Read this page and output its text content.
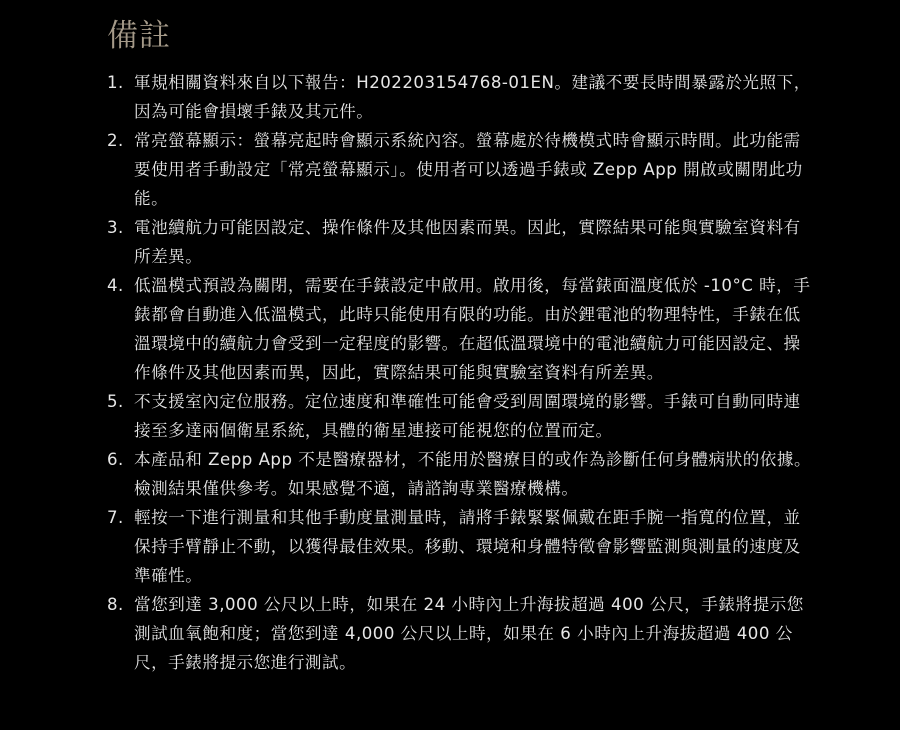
備註
1. 軍規相關資料來自以下報告：H202203154768-01EN。建議不要長時間暴露於光照下，因為可能會損壞手錶及其元件。
2. 常亮螢幕顯示：螢幕亮起時會顯示系統內容。螢幕處於待機模式時會顯示時間。此功能需要使用者手動設定「常亮螢幕顯示」。使用者可以透過手錶或 Zepp App 開啟或關閉此功能。
3. 電池續航力可能因設定、操作條件及其他因素而異。因此，實際結果可能與實驗室資料有所差異。
4. 低溫模式預設為關閉，需要在手錶設定中啟用。啟用後，每當錶面溫度低於 -10°C 時，手錶都會自動進入低溫模式，此時只能使用有限的功能。由於鋰電池的物理特性，手錶在低溫環境中的續航力會受到一定程度的影響。在超低溫環境中的電池續航力可能因設定、操作條件及其他因素而異，因此，實際結果可能與實驗室資料有所差異。
5. 不支援室內定位服務。定位速度和準確性可能會受到周圍環境的影響。手錶可自動同時連接至多達兩個衛星系統，具體的衛星連接可能視您的位置而定。
6. 本產品和 Zepp App 不是醫療器材，不能用於醫療目的或作為診斷任何身體病狀的依據。檢測結果僅供參考。如果感覺不適，請諮詢專業醫療機構。
7. 輕按一下進行測量和其他手動度量測量時，請將手錶緊緊佩戴在距手腕一指寬的位置，並保持手臂靜止不動，以獲得最佳效果。移動、環境和身體特徵會影響監測與測量的速度及準確性。
8. 當您到達 3,000 公尺以上時，如果在 24 小時內上升海拔超過 400 公尺，手錶將提示您測試血氧飽和度；當您到達 4,000 公尺以上時，如果在 6 小時內上升海拔超過 400 公尺，手錶將提示您進行測試。
